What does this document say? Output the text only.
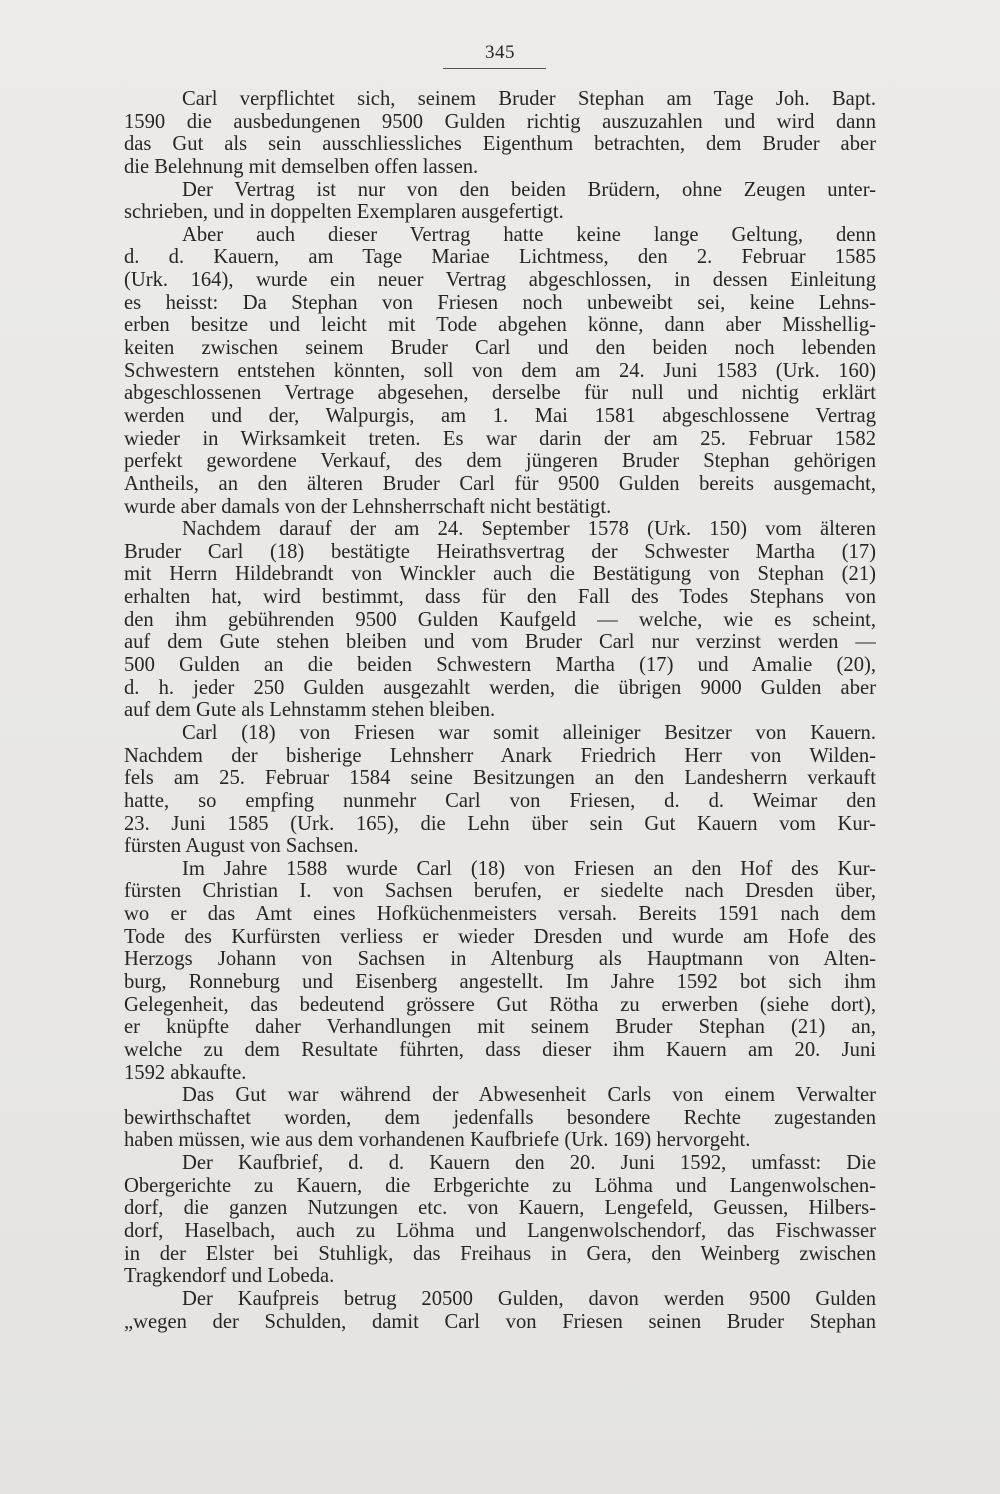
345
Carl verpflichtet sich, seinem Bruder Stephan am Tage Joh. Bapt.
1590 die ausbedungenen 9500 Gulden richtig auszuzahlen und wird dann
das Gut als sein ausschliessliches Eigenthum betrachten, dem Bruder aber
die Belehnung mit demselben offen lassen.
Der Vertrag ist nur von den beiden Brüdern, ohne Zeugen unter-
schrieben, und in doppelten Exemplaren ausgefertigt.
Aber auch dieser Vertrag hatte keine lange Geltung, denn
d. d. Kauern, am Tage Mariae Lichtmess, den 2. Februar 1585
(Urk. 164), wurde ein neuer Vertrag abgeschlossen, in dessen Einleitung
es heisst: Da Stephan von Friesen noch unbeweibt sei, keine Lehns-
erben besitze und leicht mit Tode abgehen könne, dann aber Misshellig-
keiten zwischen seinem Bruder Carl und den beiden noch lebenden
Schwestern entstehen könnten, soll von dem am 24. Juni 1583 (Urk. 160)
abgeschlossenen Vertrage abgesehen, derselbe für null und nichtig erklärt
werden und der, Walpurgis, am 1. Mai 1581 abgeschlossene Vertrag
wieder in Wirksamkeit treten. Es war darin der am 25. Februar 1582
perfekt gewordene Verkauf, des dem jüngeren Bruder Stephan gehörigen
Antheils, an den älteren Bruder Carl für 9500 Gulden bereits ausgemacht,
wurde aber damals von der Lehnsherrschaft nicht bestätigt.
Nachdem darauf der am 24. September 1578 (Urk. 150) vom älteren
Bruder Carl (18) bestätigte Heirathsvertrag der Schwester Martha (17)
mit Herrn Hildebrandt von Winckler auch die Bestätigung von Stephan (21)
erhalten hat, wird bestimmt, dass für den Fall des Todes Stephans von
den ihm gebührenden 9500 Gulden Kaufgeld — welche, wie es scheint,
auf dem Gute stehen bleiben und vom Bruder Carl nur verzinst werden —
500 Gulden an die beiden Schwestern Martha (17) und Amalie (20),
d. h. jeder 250 Gulden ausgezahlt werden, die übrigen 9000 Gulden aber
auf dem Gute als Lehnstamm stehen bleiben.
Carl (18) von Friesen war somit alleiniger Besitzer von Kauern.
Nachdem der bisherige Lehnsherr Anark Friedrich Herr von Wilden-
fels am 25. Februar 1584 seine Besitzungen an den Landesherrn verkauft
hatte, so empfing nunmehr Carl von Friesen, d. d. Weimar den
23. Juni 1585 (Urk. 165), die Lehn über sein Gut Kauern vom Kur-
fürsten August von Sachsen.
Im Jahre 1588 wurde Carl (18) von Friesen an den Hof des Kur-
fürsten Christian I. von Sachsen berufen, er siedelte nach Dresden über,
wo er das Amt eines Hofküchenmeisters versah. Bereits 1591 nach dem
Tode des Kurfürsten verliess er wieder Dresden und wurde am Hofe des
Herzogs Johann von Sachsen in Altenburg als Hauptmann von Alten-
burg, Ronneburg und Eisenberg angestellt. Im Jahre 1592 bot sich ihm
Gelegenheit, das bedeutend grössere Gut Rötha zu erwerben (siehe dort),
er knüpfte daher Verhandlungen mit seinem Bruder Stephan (21) an,
welche zu dem Resultate führten, dass dieser ihm Kauern am 20. Juni
1592 abkaufte.
Das Gut war während der Abwesenheit Carls von einem Verwalter
bewirthschaftet worden, dem jedenfalls besondere Rechte zugestanden
haben müssen, wie aus dem vorhandenen Kaufbriefe (Urk. 169) hervorgeht.
Der Kaufbrief, d. d. Kauern den 20. Juni 1592, umfasst: Die
Obergerichte zu Kauern, die Erbgerichte zu Löhma und Langenwolschen-
dorf, die ganzen Nutzungen etc. von Kauern, Lengefeld, Geussen, Hilbers-
dorf, Haselbach, auch zu Löhma und Langenwolschendorf, das Fischwasser
in der Elster bei Stuhligk, das Freihaus in Gera, den Weinberg zwischen
Tragkendorf und Lobeda.
Der Kaufpreis betrug 20500 Gulden, davon werden 9500 Gulden
„wegen der Schulden, damit Carl von Friesen seinen Bruder Stephan
